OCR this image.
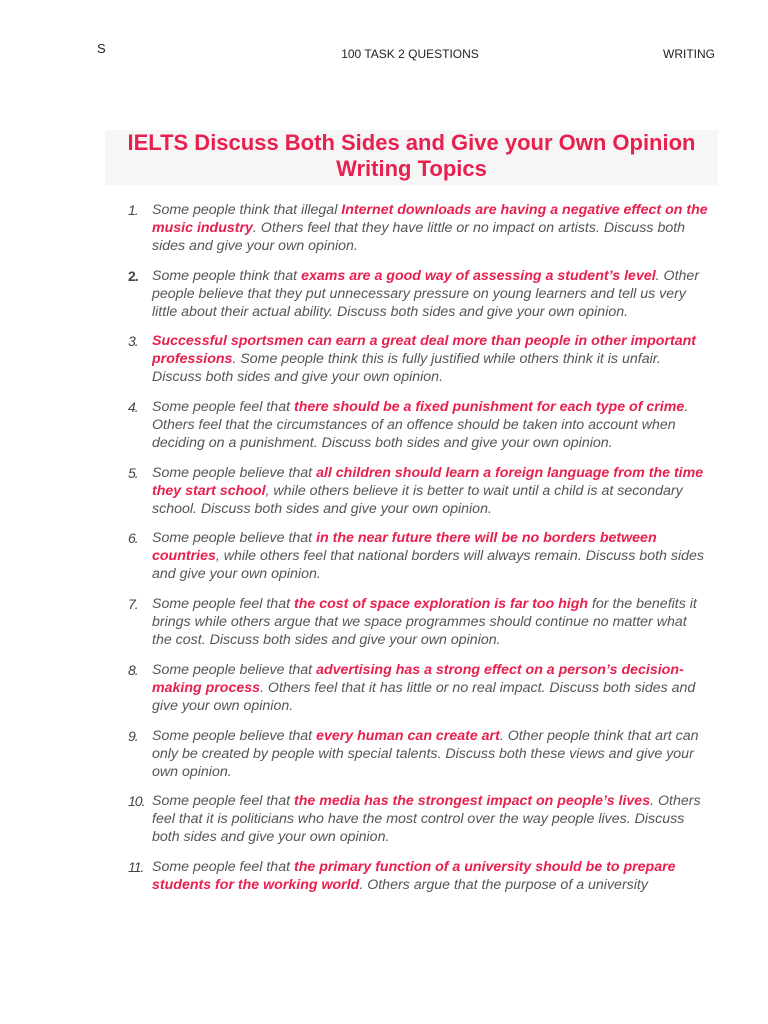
S	100 TASK 2 QUESTIONS	WRITING
IELTS Discuss Both Sides and Give your Own Opinion
Writing Topics
1. Some people think that illegal Internet downloads are having a negative effect on the music industry. Others feel that they have little or no impact on artists. Discuss both sides and give your own opinion.
2. Some people think that exams are a good way of assessing a student’s level. Other people believe that they put unnecessary pressure on young learners and tell us very little about their actual ability. Discuss both sides and give your own opinion.
3. Successful sportsmen can earn a great deal more than people in other important professions. Some people think this is fully justified while others think it is unfair. Discuss both sides and give your own opinion.
4. Some people feel that there should be a fixed punishment for each type of crime. Others feel that the circumstances of an offence should be taken into account when deciding on a punishment. Discuss both sides and give your own opinion.
5. Some people believe that all children should learn a foreign language from the time they start school, while others believe it is better to wait until a child is at secondary school. Discuss both sides and give your own opinion.
6. Some people believe that in the near future there will be no borders between countries, while others feel that national borders will always remain. Discuss both sides and give your own opinion.
7. Some people feel that the cost of space exploration is far too high for the benefits it brings while others argue that we space programmes should continue no matter what the cost. Discuss both sides and give your own opinion.
8. Some people believe that advertising has a strong effect on a person’s decision-making process. Others feel that it has little or no real impact. Discuss both sides and give your own opinion.
9. Some people believe that every human can create art. Other people think that art can only be created by people with special talents. Discuss both these views and give your own opinion.
10. Some people feel that the media has the strongest impact on people’s lives. Others feel that it is politicians who have the most control over the way people lives. Discuss both sides and give your own opinion.
11. Some people feel that the primary function of a university should be to prepare students for the working world. Others argue that the purpose of a university
